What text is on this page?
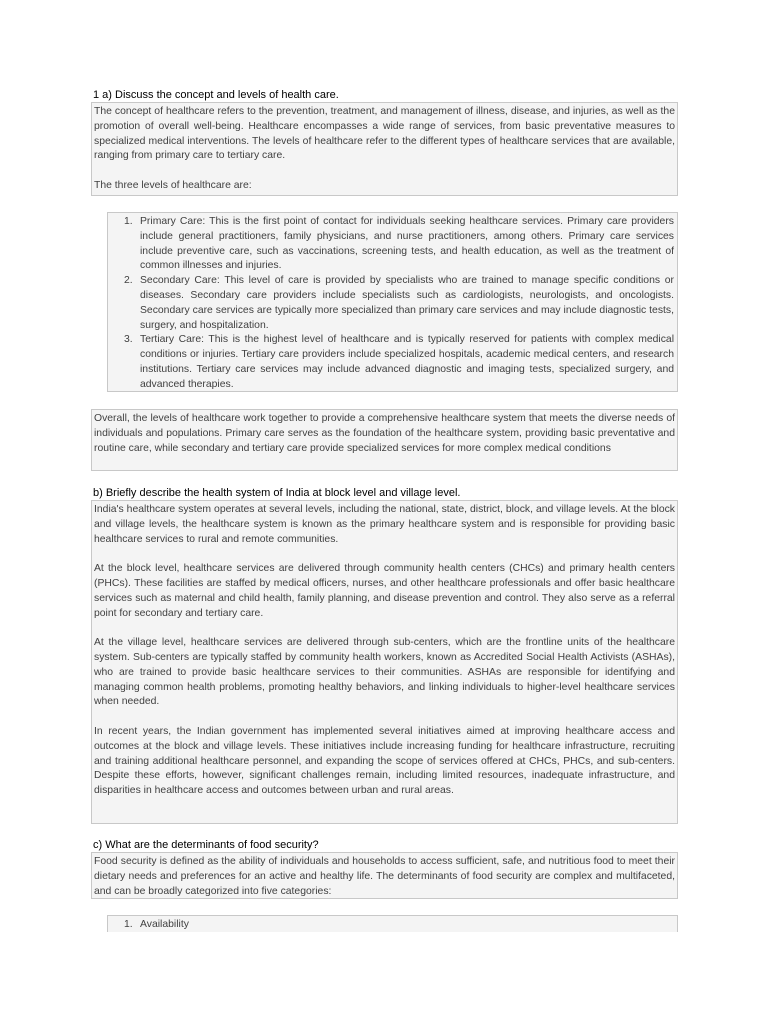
1 a) Discuss the concept and levels of health care.

The concept of healthcare refers to the prevention, treatment, and management of illness, disease, and injuries, as well as the promotion of overall well-being. Healthcare encompasses a wide range of services, from basic preventative measures to specialized medical interventions. The levels of healthcare refer to the different types of healthcare services that are available, ranging from primary care to tertiary care.

The three levels of healthcare are:

1. Primary Care: This is the first point of contact for individuals seeking healthcare services. Primary care providers include general practitioners, family physicians, and nurse practitioners, among others. Primary care services include preventive care, such as vaccinations, screening tests, and health education, as well as the treatment of common illnesses and injuries.
2. Secondary Care: This level of care is provided by specialists who are trained to manage specific conditions or diseases. Secondary care providers include specialists such as cardiologists, neurologists, and oncologists. Secondary care services are typically more specialized than primary care services and may include diagnostic tests, surgery, and hospitalization.
3. Tertiary Care: This is the highest level of healthcare and is typically reserved for patients with complex medical conditions or injuries. Tertiary care providers include specialized hospitals, academic medical centers, and research institutions. Tertiary care services may include advanced diagnostic and imaging tests, specialized surgery, and advanced therapies.

Overall, the levels of healthcare work together to provide a comprehensive healthcare system that meets the diverse needs of individuals and populations. Primary care serves as the foundation of the healthcare system, providing basic preventative and routine care, while secondary and tertiary care provide specialized services for more complex medical conditions

b) Briefly describe the health system of India at block level and village level.

India's healthcare system operates at several levels, including the national, state, district, block, and village levels. At the block and village levels, the healthcare system is known as the primary healthcare system and is responsible for providing basic healthcare services to rural and remote communities.

At the block level, healthcare services are delivered through community health centers (CHCs) and primary health centers (PHCs). These facilities are staffed by medical officers, nurses, and other healthcare professionals and offer basic healthcare services such as maternal and child health, family planning, and disease prevention and control. They also serve as a referral point for secondary and tertiary care.

At the village level, healthcare services are delivered through sub-centers, which are the frontline units of the healthcare system. Sub-centers are typically staffed by community health workers, known as Accredited Social Health Activists (ASHAs), who are trained to provide basic healthcare services to their communities. ASHAs are responsible for identifying and managing common health problems, promoting healthy behaviors, and linking individuals to higher-level healthcare services when needed.

In recent years, the Indian government has implemented several initiatives aimed at improving healthcare access and outcomes at the block and village levels. These initiatives include increasing funding for healthcare infrastructure, recruiting and training additional healthcare personnel, and expanding the scope of services offered at CHCs, PHCs, and sub-centers. Despite these efforts, however, significant challenges remain, including limited resources, inadequate infrastructure, and disparities in healthcare access and outcomes between urban and rural areas.

c) What are the determinants of food security?

Food security is defined as the ability of individuals and households to access sufficient, safe, and nutritious food to meet their dietary needs and preferences for an active and healthy life. The determinants of food security are complex and multifaceted, and can be broadly categorized into five categories:

1. Availability
